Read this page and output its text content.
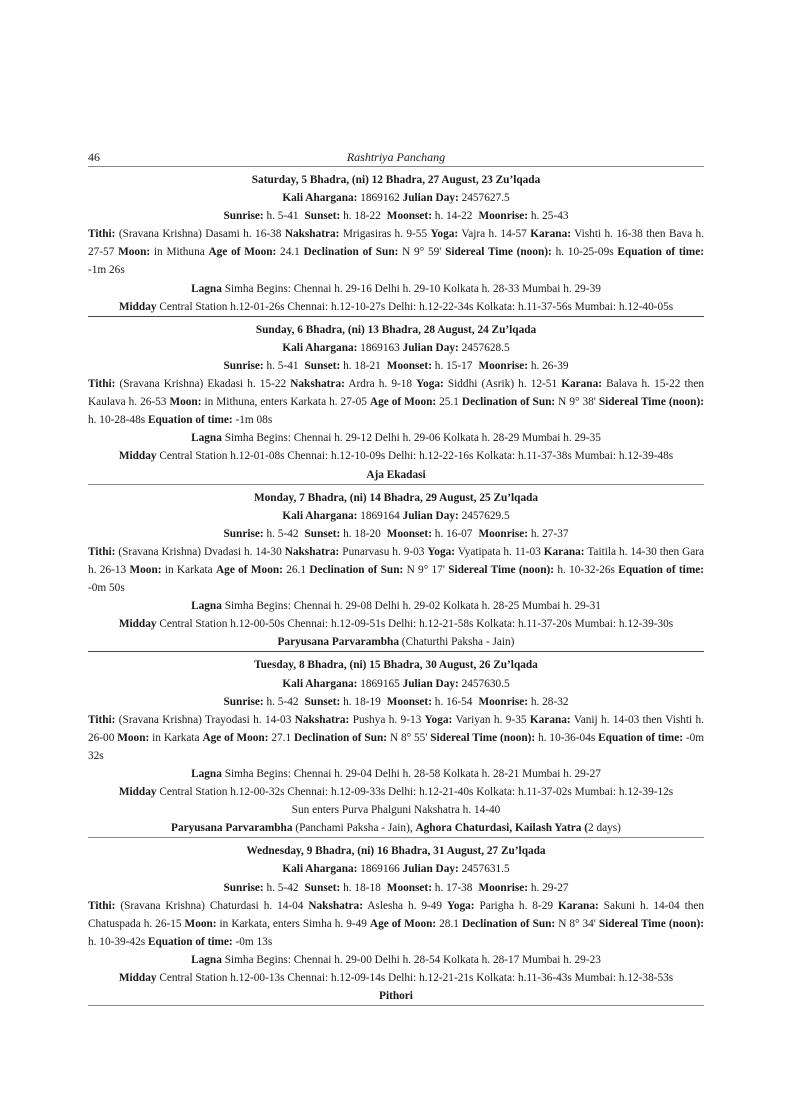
46	Rashtriya Panchang
Saturday, 5 Bhadra, (ni) 12 Bhadra, 27 August, 23 Zu’lqada
Kali Ahargana: 1869162 Julian Day: 2457627.5
Sunrise: h. 5-41 Sunset: h. 18-22 Moonset: h. 14-22 Moonrise: h. 25-43
Tithi: (Sravana Krishna) Dasami h. 16-38 Nakshatra: Mrigasiras h. 9-55 Yoga: Vajra h. 14-57 Karana: Vishti h. 16-38 then Bava h. 27-57 Moon: in Mithuna Age of Moon: 24.1 Declination of Sun: N 9° 59' Sidereal Time (noon): h. 10-25-09s Equation of time: -1m 26s
Lagna Simha Begins: Chennai h. 29-16 Delhi h. 29-10 Kolkata h. 28-33 Mumbai h. 29-39
Midday Central Station h.12-01-26s Chennai: h.12-10-27s Delhi: h.12-22-34s Kolkata: h.11-37-56s Mumbai: h.12-40-05s
Sunday, 6 Bhadra, (ni) 13 Bhadra, 28 August, 24 Zu’lqada
Kali Ahargana: 1869163 Julian Day: 2457628.5
Sunrise: h. 5-41 Sunset: h. 18-21 Moonset: h. 15-17 Moonrise: h. 26-39
Tithi: (Sravana Krishna) Ekadasi h. 15-22 Nakshatra: Ardra h. 9-18 Yoga: Siddhi (Asrik) h. 12-51 Karana: Balava h. 15-22 then Kaulava h. 26-53 Moon: in Mithuna, enters Karkata h. 27-05 Age of Moon: 25.1 Declination of Sun: N 9° 38' Sidereal Time (noon): h. 10-28-48s Equation of time: -1m 08s
Lagna Simha Begins: Chennai h. 29-12 Delhi h. 29-06 Kolkata h. 28-29 Mumbai h. 29-35
Midday Central Station h.12-01-08s Chennai: h.12-10-09s Delhi: h.12-22-16s Kolkata: h.11-37-38s Mumbai: h.12-39-48s
Aja Ekadasi
Monday, 7 Bhadra, (ni) 14 Bhadra, 29 August, 25 Zu’lqada
Kali Ahargana: 1869164 Julian Day: 2457629.5
Sunrise: h. 5-42 Sunset: h. 18-20 Moonset: h. 16-07 Moonrise: h. 27-37
Tithi: (Sravana Krishna) Dvadasi h. 14-30 Nakshatra: Punarvasu h. 9-03 Yoga: Vyatipata h. 11-03 Karana: Taitila h. 14-30 then Gara h. 26-13 Moon: in Karkata Age of Moon: 26.1 Declination of Sun: N 9° 17' Sidereal Time (noon): h. 10-32-26s Equation of time: -0m 50s
Lagna Simha Begins: Chennai h. 29-08 Delhi h. 29-02 Kolkata h. 28-25 Mumbai h. 29-31
Midday Central Station h.12-00-50s Chennai: h.12-09-51s Delhi: h.12-21-58s Kolkata: h.11-37-20s Mumbai: h.12-39-30s
Paryusana Parvarambha (Chaturthi Paksha - Jain)
Tuesday, 8 Bhadra, (ni) 15 Bhadra, 30 August, 26 Zu’lqada
Kali Ahargana: 1869165 Julian Day: 2457630.5
Sunrise: h. 5-42 Sunset: h. 18-19 Moonset: h. 16-54 Moonrise: h. 28-32
Tithi: (Sravana Krishna) Trayodasi h. 14-03 Nakshatra: Pushya h. 9-13 Yoga: Variyan h. 9-35 Karana: Vanij h. 14-03 then Vishti h. 26-00 Moon: in Karkata Age of Moon: 27.1 Declination of Sun: N 8° 55' Sidereal Time (noon): h. 10-36-04s Equation of time: -0m 32s
Lagna Simha Begins: Chennai h. 29-04 Delhi h. 28-58 Kolkata h. 28-21 Mumbai h. 29-27
Midday Central Station h.12-00-32s Chennai: h.12-09-33s Delhi: h.12-21-40s Kolkata: h.11-37-02s Mumbai: h.12-39-12s
Sun enters Purva Phalguni Nakshatra h. 14-40
Paryusana Parvarambha (Panchami Paksha - Jain), Aghora Chaturdasi, Kailash Yatra (2 days)
Wednesday, 9 Bhadra, (ni) 16 Bhadra, 31 August, 27 Zu’lqada
Kali Ahargana: 1869166 Julian Day: 2457631.5
Sunrise: h. 5-42 Sunset: h. 18-18 Moonset: h. 17-38 Moonrise: h. 29-27
Tithi: (Sravana Krishna) Chaturdasi h. 14-04 Nakshatra: Aslesha h. 9-49 Yoga: Parigha h. 8-29 Karana: Sakuni h. 14-04 then Chatuspada h. 26-15 Moon: in Karkata, enters Simha h. 9-49 Age of Moon: 28.1 Declination of Sun: N 8° 34' Sidereal Time (noon): h. 10-39-42s Equation of time: -0m 13s
Lagna Simha Begins: Chennai h. 29-00 Delhi h. 28-54 Kolkata h. 28-17 Mumbai h. 29-23
Midday Central Station h.12-00-13s Chennai: h.12-09-14s Delhi: h.12-21-21s Kolkata: h.11-36-43s Mumbai: h.12-38-53s
Pithori
